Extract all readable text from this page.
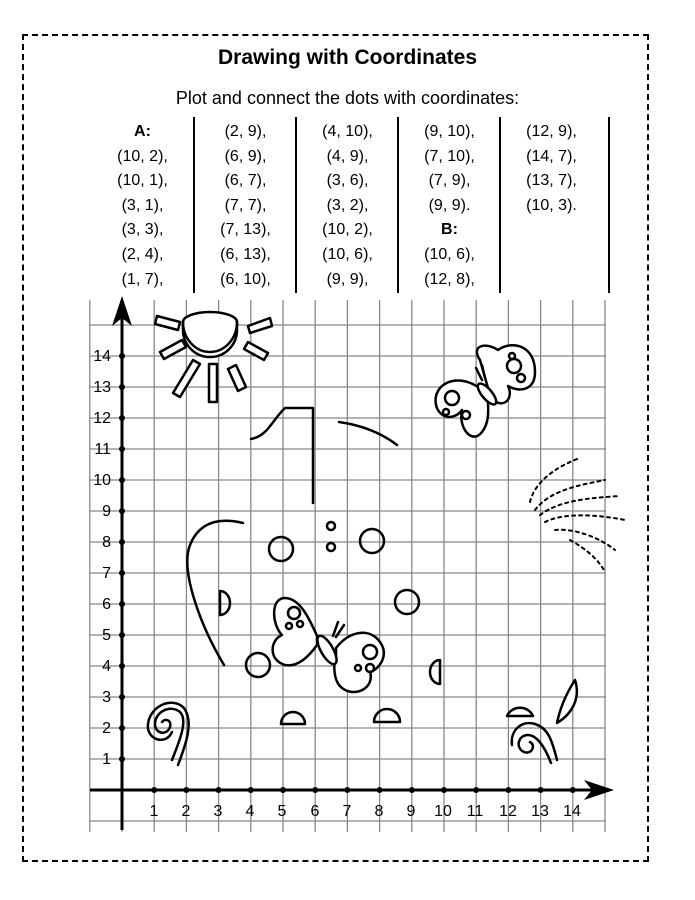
Drawing with Coordinates
Plot and connect the dots with coordinates:
A:
(10, 2),
(10, 1),
(3, 1),
(3, 3),
(2, 4),
(1, 7),
(2, 9),
(6, 9),
(6, 7),
(7, 7),
(7, 13),
(6, 13),
(6, 10),
(4, 10),
(4, 9),
(3, 6),
(3, 2),
(10, 2),
(10, 6),
(9, 9),
(9, 10),
(7, 10),
(7, 9),
(9, 9).
B:
(10, 6),
(12, 8),
(12, 9),
(14, 7),
(13, 7),
(10, 3).
1 2 3 4 5 6 7 8 9 10 11 12 13 14
1
2
3
4
5
6
7
8
9
10
11
12
13
14
